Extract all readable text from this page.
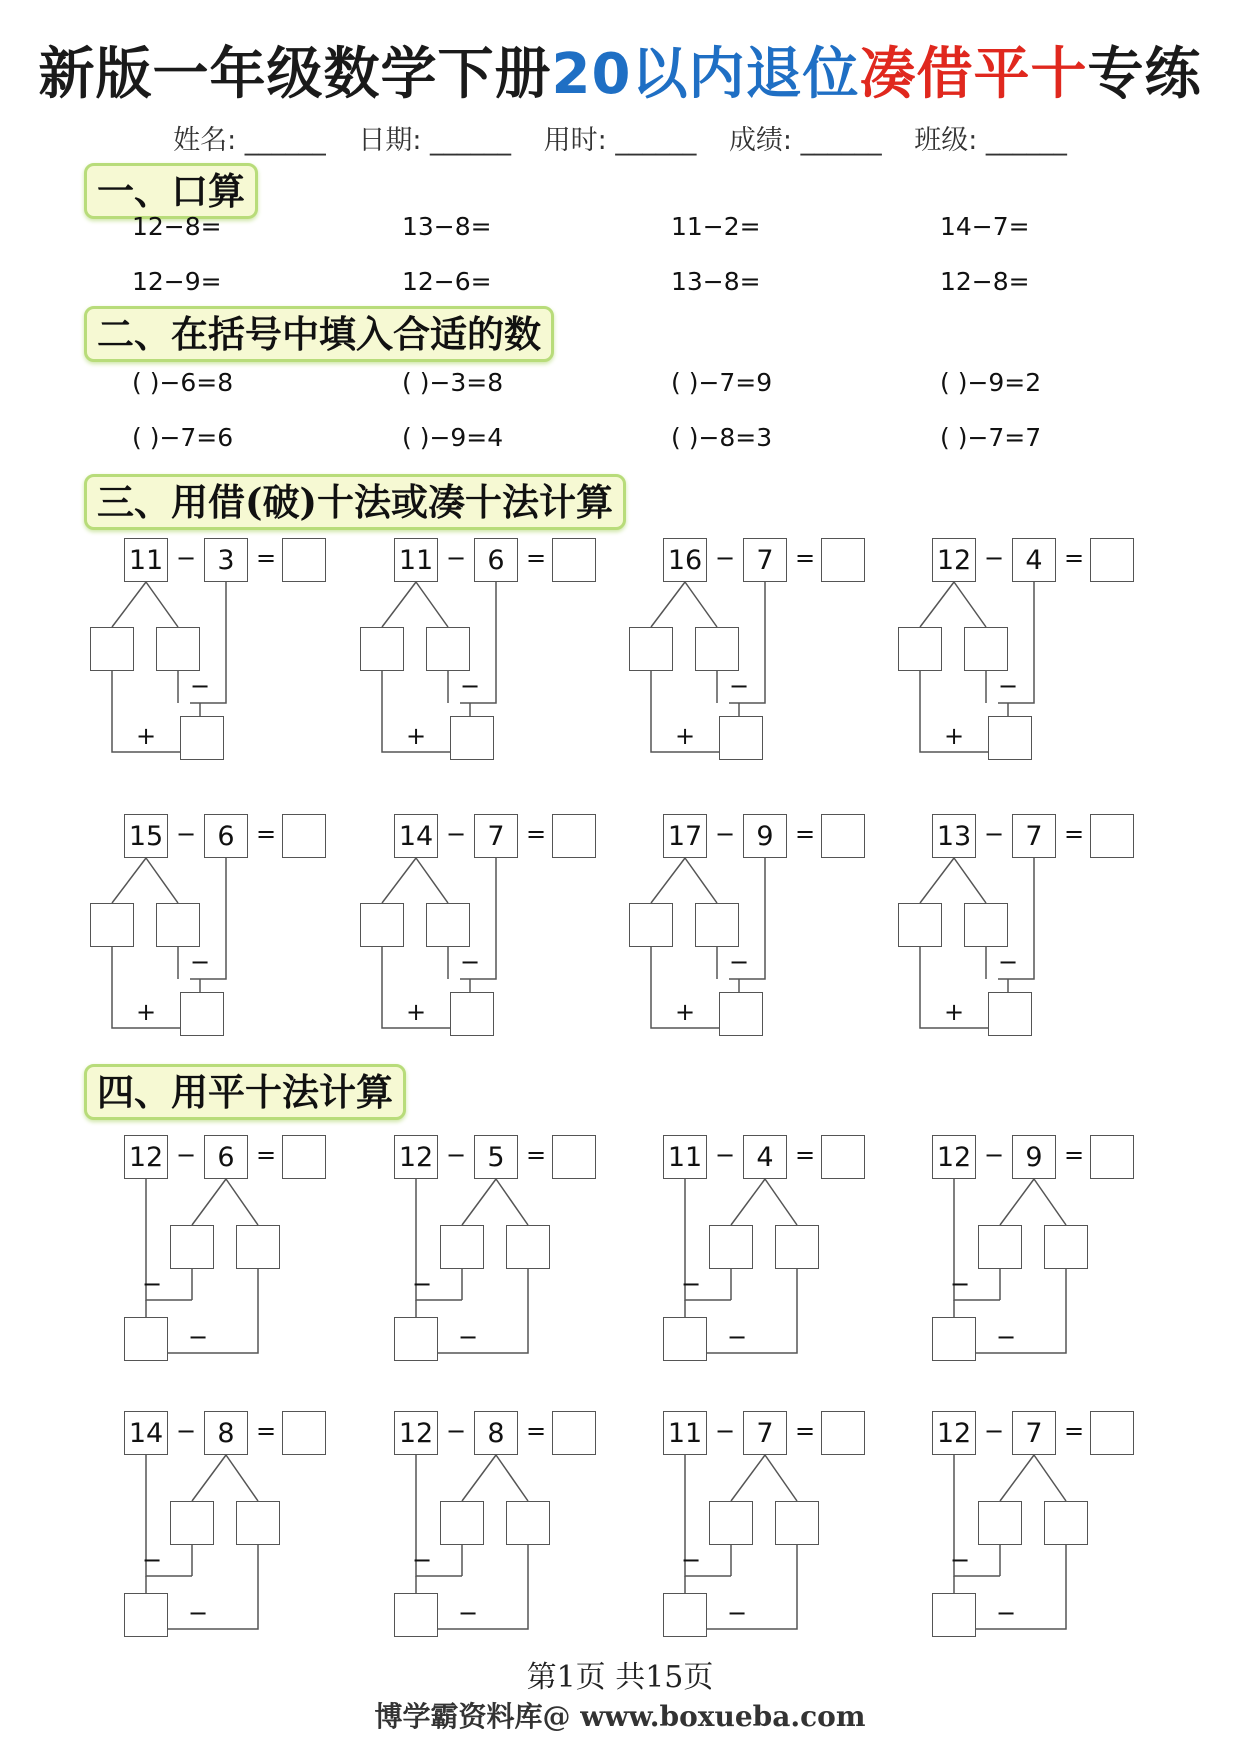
新版一年级数学下册20以内退位凑借平十专练
姓名: ______ 日期: ______ 用时: ______ 成绩: ______ 班级: ______
一、口算
12−8=	13−8=	11−2=	14−7=
12−9=	12−6=	13−8=	12−8=
二、在括号中填入合适的数
( )−6=8	( )−3=8	( )−7=9	( )−9=2
( )−7=6	( )−9=4	( )−8=3	( )−7=7
三、用借(破)十法或凑十法计算
11 − 3 =
−
+
11 − 6 =
−
+
16 − 7 =
−
+
12 − 4 =
−
+
15 − 6 =
−
+
14 − 7 =
−
+
17 − 9 =
−
+
13 − 7 =
−
+
四、用平十法计算
12 − 6 =
−
−
12 − 5 =
−
−
11 − 4 =
−
−
12 − 9 =
−
−
14 − 8 =
−
−
12 − 8 =
−
−
11 − 7 =
−
−
12 − 7 =
−
−
第1页 共15页
博学霸资料库@ www.boxueba.com
